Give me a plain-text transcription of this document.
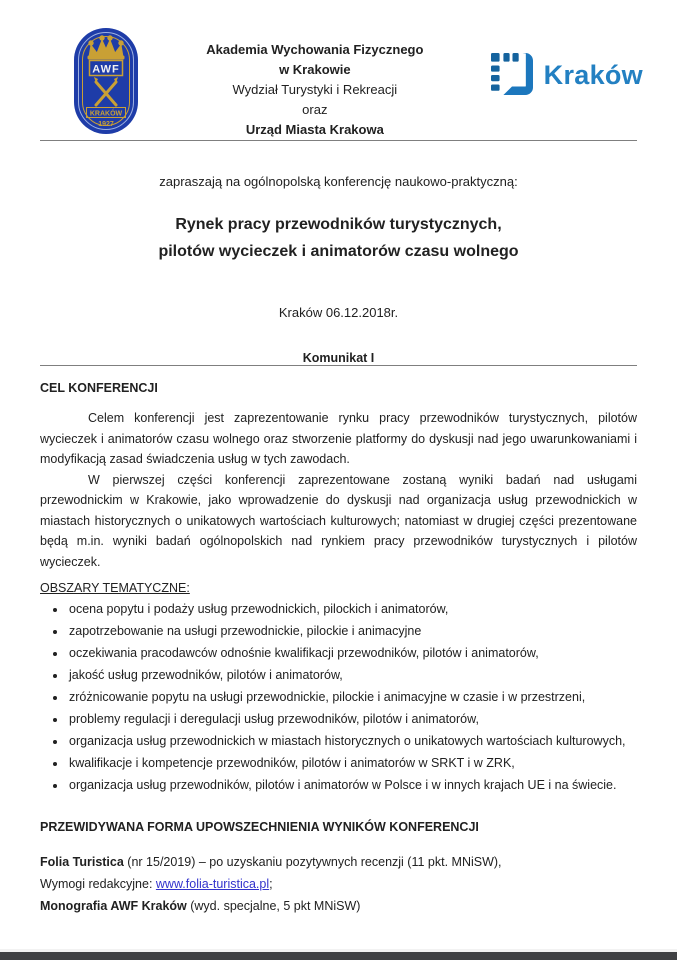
AWF
KRAKÓW
1927
Akademia Wychowania Fizycznego
w Krakowie
Wydział Turystyki i Rekreacji
oraz
Urząd Miasta Krakowa
Kraków
zapraszają na ogólnopolską konferencję naukowo-praktyczną:
Rynek pracy przewodników turystycznych,
pilotów wycieczek i animatorów czasu wolnego
Kraków 06.12.2018r.
Komunikat I
CEL KONFERENCJI

Celem konferencji jest zaprezentowanie rynku pracy przewodników turystycznych, pilotów wycieczek i animatorów czasu wolnego oraz stworzenie platformy do dyskusji nad jego uwarunkowaniami i modyfikacją zasad świadczenia usług w tych zawodach.

W pierwszej części konferencji zaprezentowane zostaną wyniki badań nad usługami przewodnickim w Krakowie, jako wprowadzenie do dyskusji nad organizacja usług przewodnickich w miastach historycznych o unikatowych wartościach kulturowych; natomiast w drugiej części prezentowane będą m.in. wyniki badań ogólnopolskich nad rynkiem pracy przewodników turystycznych i pilotów wycieczek.

OBSZARY TEMATYCZNE:
• ocena popytu i podaży usług przewodnickich, pilockich i animatorów,
• zapotrzebowanie na usługi przewodnickie, pilockie i animacyjne
• oczekiwania pracodawców odnośnie kwalifikacji przewodników, pilotów i animatorów,
• jakość usług przewodników, pilotów i animatorów,
• zróżnicowanie popytu na usługi przewodnickie, pilockie i animacyjne w czasie i w przestrzeni,
• problemy regulacji i deregulacji usług przewodników, pilotów i animatorów,
• organizacja usług przewodnickich w miastach historycznych o unikatowych wartościach kulturowych,
• kwalifikacje i kompetencje przewodników, pilotów i animatorów w SRKT i w ZRK,
• organizacja usług przewodników, pilotów i animatorów w Polsce i w innych krajach UE i na świecie.
PRZEWIDYWANA FORMA UPOWSZECHNIENIA WYNIKÓW KONFERENCJI
Folia Turistica (nr 15/2019) – po uzyskaniu pozytywnych recenzji (11 pkt. MNiSW),
Wymogi redakcyjne: www.folia-turistica.pl;
Monografia AWF Kraków (wyd. specjalne, 5 pkt MNiSW)
